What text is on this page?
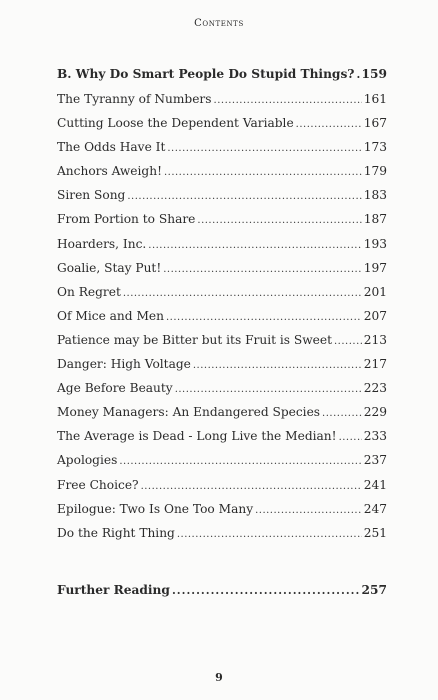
Contents
B. Why Do Smart People Do Stupid Things? ..... 159
The Tyranny of Numbers .....	161
Cutting Loose the Dependent Variable .....	167
The Odds Have It .....	173
Anchors Aweigh! .....	179
Siren Song .....	183
From Portion to Share .....	187
Hoarders, Inc. .....	193
Goalie, Stay Put! .....	197
On Regret .....	201
Of Mice and Men .....	207
Patience may be Bitter but its Fruit is Sweet .....	213
Danger: High Voltage .....	217
Age Before Beauty .....	223
Money Managers: An Endangered Species .....	229
The Average is Dead - Long Live the Median! ..... 233
Apologies .....	237
Free Choice? .....	241
Epilogue: Two Is One Too Many .....	247
Do the Right Thing .....	251
Further Reading .....	257
9
